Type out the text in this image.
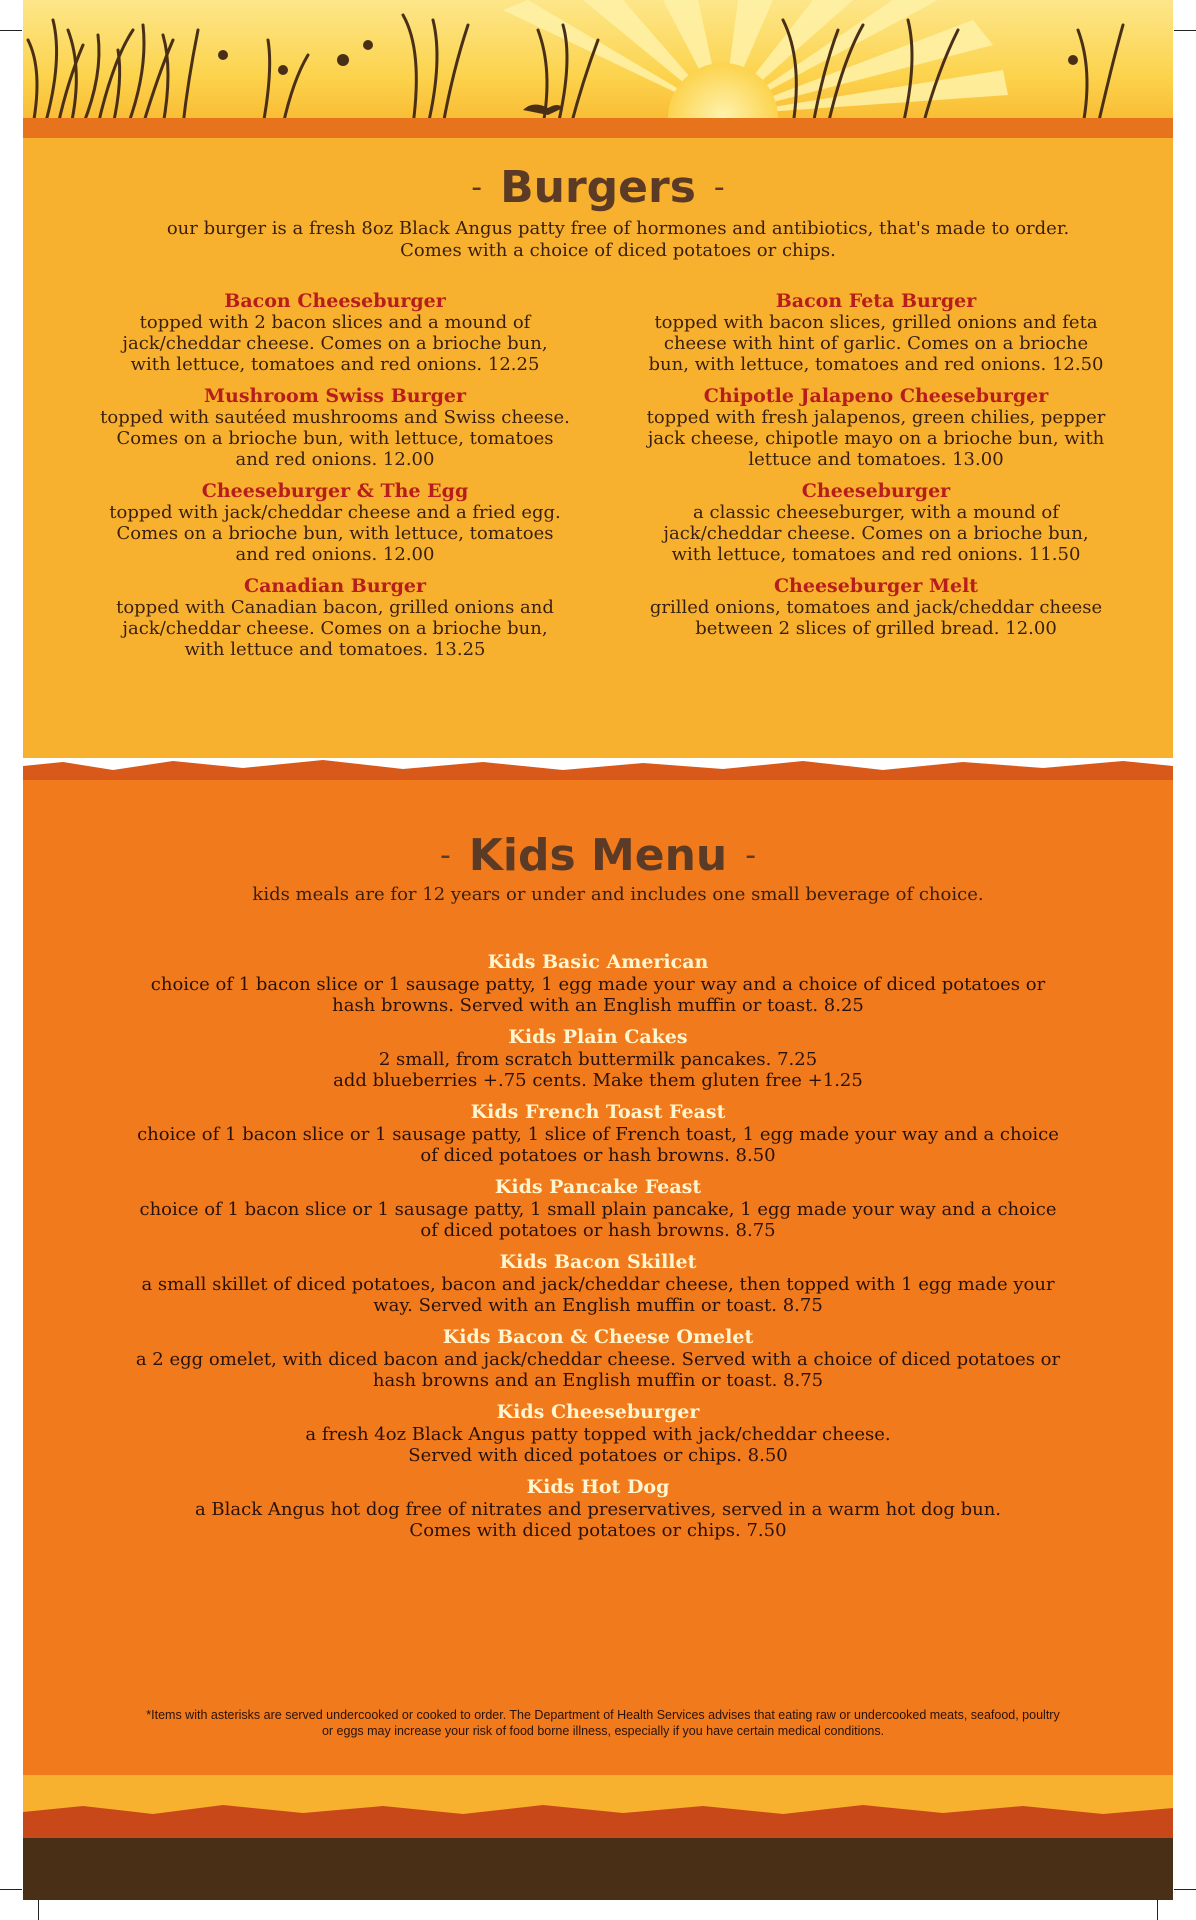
- Burgers -
our burger is a fresh 8oz Black Angus patty free of hormones and antibiotics, that's made to order. Comes with a choice of diced potatoes or chips.
Bacon Cheeseburger
topped with 2 bacon slices and a mound of jack/cheddar cheese. Comes on a brioche bun, with lettuce, tomatoes and red onions. 12.25
Mushroom Swiss Burger
topped with sautéed mushrooms and Swiss cheese. Comes on a brioche bun, with lettuce, tomatoes and red onions. 12.00
Cheeseburger & The Egg
topped with jack/cheddar cheese and a fried egg. Comes on a brioche bun, with lettuce, tomatoes and red onions. 12.00
Canadian Burger
topped with Canadian bacon, grilled onions and jack/cheddar cheese. Comes on a brioche bun, with lettuce and tomatoes. 13.25
Bacon Feta Burger
topped with bacon slices, grilled onions and feta cheese with hint of garlic. Comes on a brioche bun, with lettuce, tomatoes and red onions. 12.50
Chipotle Jalapeno Cheeseburger
topped with fresh jalapenos, green chilies, pepper jack cheese, chipotle mayo on a brioche bun, with lettuce and tomatoes. 13.00
Cheeseburger
a classic cheeseburger, with a mound of jack/cheddar cheese. Comes on a brioche bun, with lettuce, tomatoes and red onions. 11.50
Cheeseburger Melt
grilled onions, tomatoes and jack/cheddar cheese between 2 slices of grilled bread. 12.00
- Kids Menu -
kids meals are for 12 years or under and includes one small beverage of choice.
Kids Basic American
choice of 1 bacon slice or 1 sausage patty, 1 egg made your way and a choice of diced potatoes or hash browns. Served with an English muffin or toast. 8.25
Kids Plain Cakes
2 small, from scratch buttermilk pancakes. 7.25
add blueberries +.75 cents. Make them gluten free +1.25
Kids French Toast Feast
choice of 1 bacon slice or 1 sausage patty, 1 slice of French toast, 1 egg made your way and a choice of diced potatoes or hash browns. 8.50
Kids Pancake Feast
choice of 1 bacon slice or 1 sausage patty, 1 small plain pancake, 1 egg made your way and a choice of diced potatoes or hash browns. 8.75
Kids Bacon Skillet
a small skillet of diced potatoes, bacon and jack/cheddar cheese, then topped with 1 egg made your way. Served with an English muffin or toast. 8.75
Kids Bacon & Cheese Omelet
a 2 egg omelet, with diced bacon and jack/cheddar cheese. Served with a choice of diced potatoes or hash browns and an English muffin or toast. 8.75
Kids Cheeseburger
a fresh 4oz Black Angus patty topped with jack/cheddar cheese.
Served with diced potatoes or chips. 8.50
Kids Hot Dog
a Black Angus hot dog free of nitrates and preservatives, served in a warm hot dog bun.
Comes with diced potatoes or chips. 7.50
*Items with asterisks are served undercooked or cooked to order. The Department of Health Services advises that eating raw or undercooked meats, seafood, poultry or eggs may increase your risk of food borne illness, especially if you have certain medical conditions.
